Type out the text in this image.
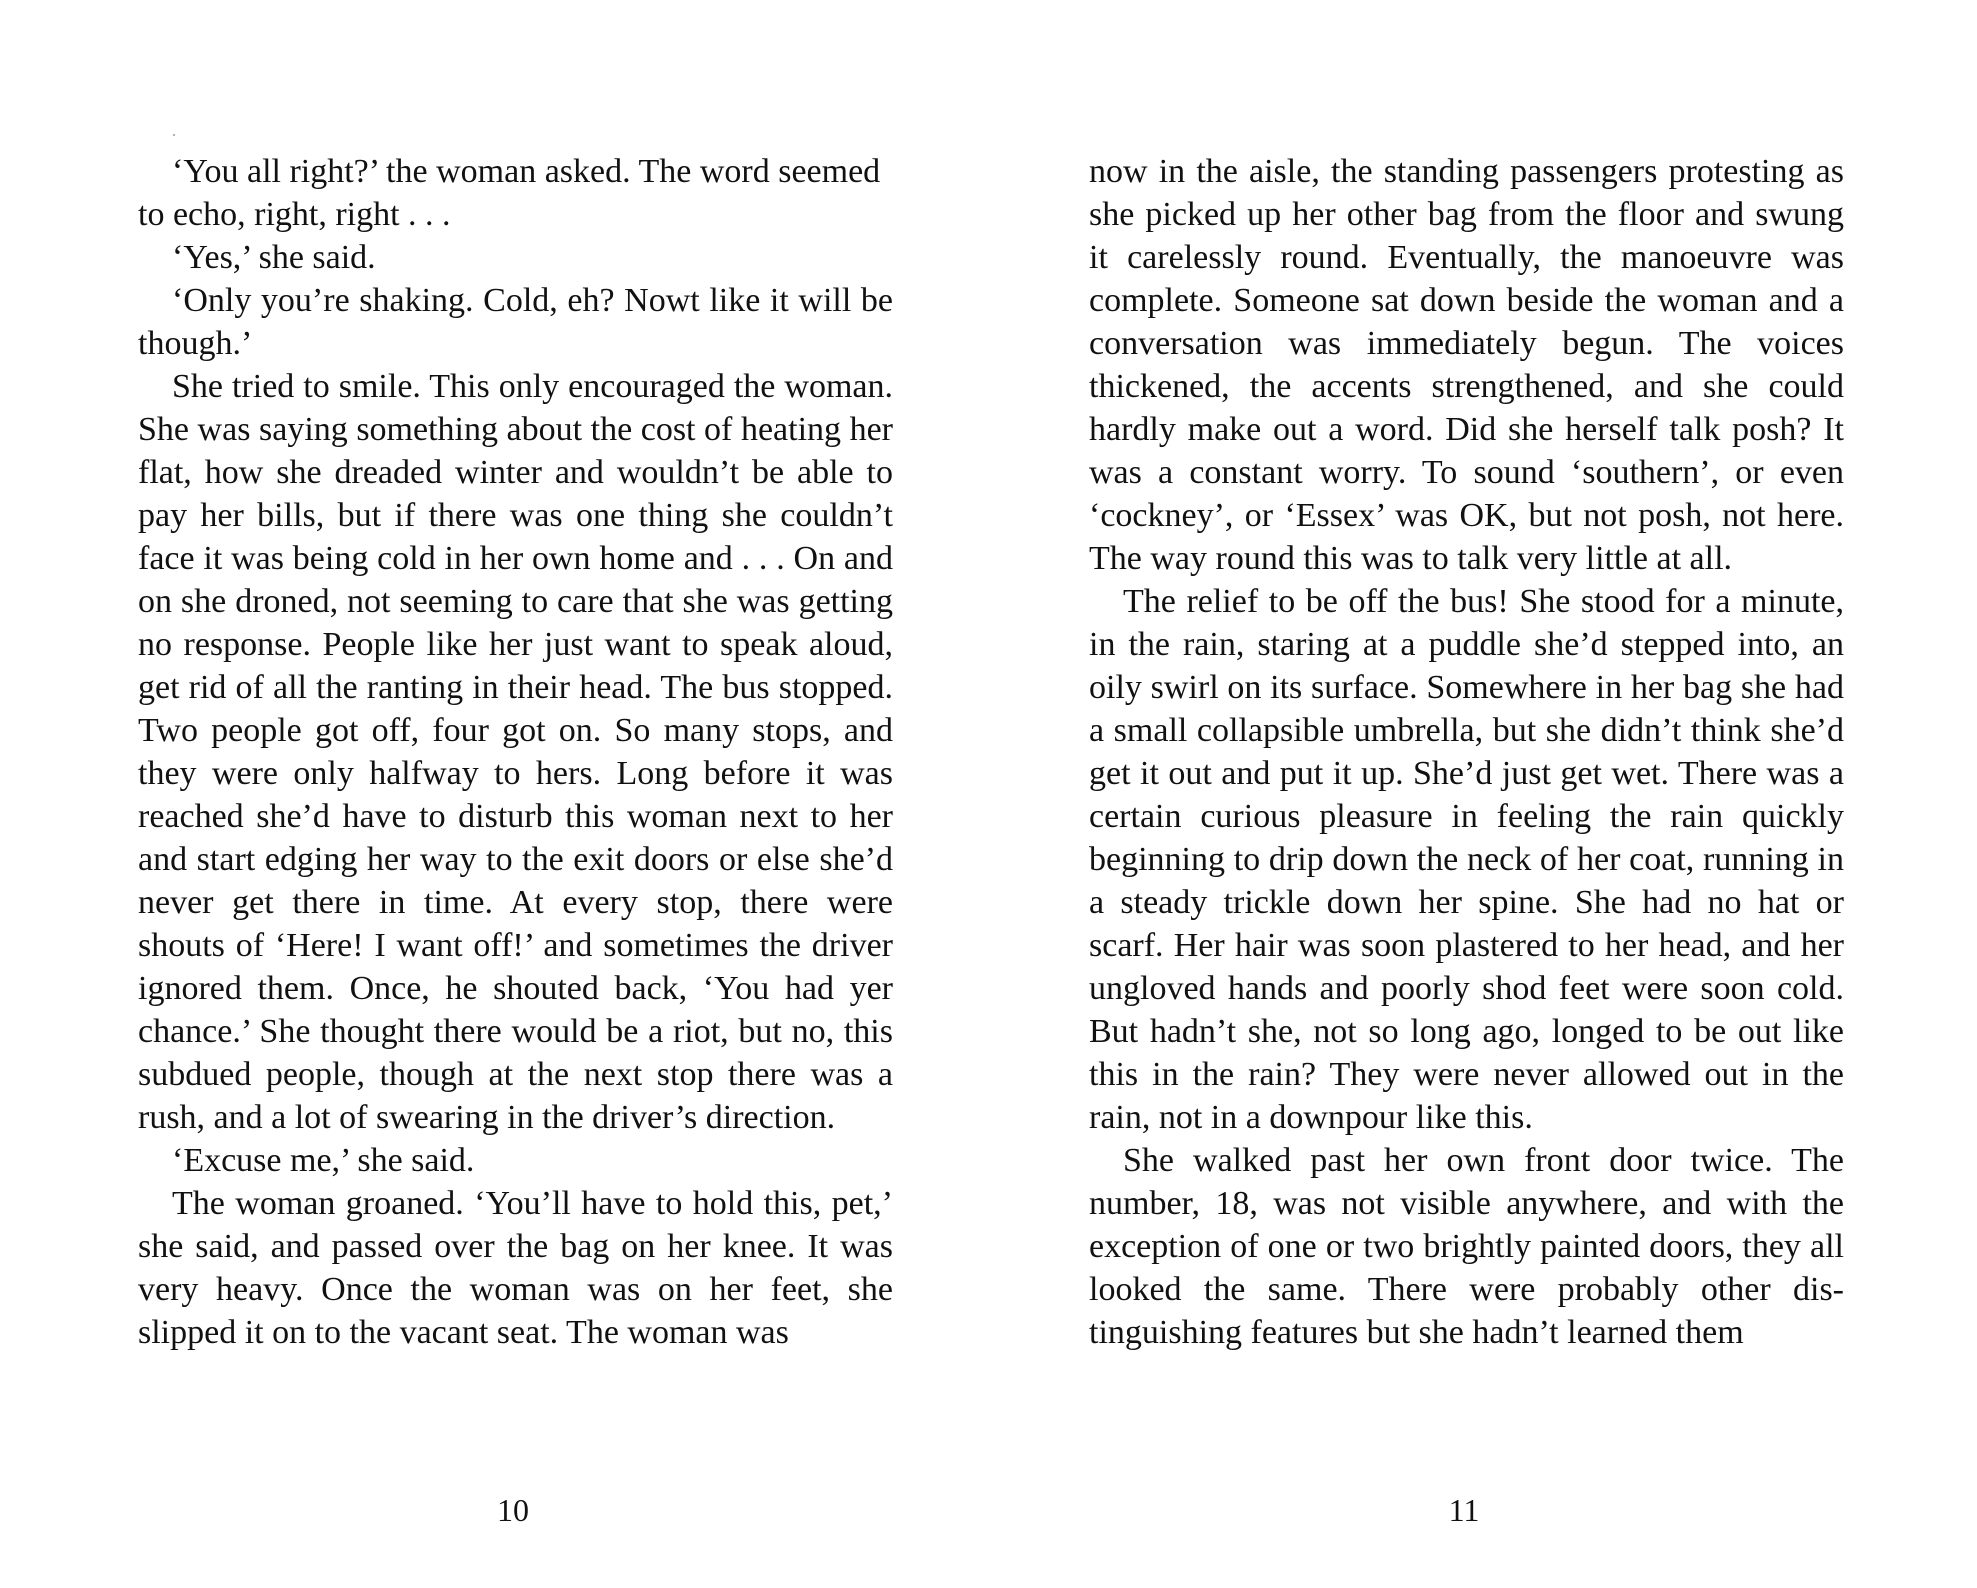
‘You all right?’ the woman asked. The word seemed to echo, right, right . . .

‘Yes,’ she said.

‘Only you’re shaking. Cold, eh? Nowt like it will be though.’

She tried to smile. This only encouraged the woman. She was saying something about the cost of heating her flat, how she dreaded winter and wouldn’t be able to pay her bills, but if there was one thing she couldn’t face it was being cold in her own home and . . . On and on she droned, not seeming to care that she was getting no response. People like her just want to speak aloud, get rid of all the ranting in their head. The bus stopped. Two people got off, four got on. So many stops, and they were only halfway to hers. Long before it was reached she’d have to disturb this woman next to her and start edging her way to the exit doors or else she’d never get there in time. At every stop, there were shouts of ‘Here! I want off!’ and sometimes the driver ignored them. Once, he shouted back, ‘You had yer chance.’ She thought there would be a riot, but no, this subdued people, though at the next stop there was a rush, and a lot of swearing in the driver’s direction.

‘Excuse me,’ she said.

The woman groaned. ‘You’ll have to hold this, pet,’ she said, and passed over the bag on her knee. It was very heavy. Once the woman was on her feet, she slipped it on to the vacant seat. The woman was

10

now in the aisle, the standing passengers protesting as she picked up her other bag from the floor and swung it carelessly round. Eventually, the manoeuvre was complete. Someone sat down beside the woman and a conversation was immediately begun. The voices thickened, the accents strengthened, and she could hardly make out a word. Did she herself talk posh? It was a constant worry. To sound ‘southern’, or even ‘cockney’, or ‘Essex’ was OK, but not posh, not here. The way round this was to talk very little at all.

The relief to be off the bus! She stood for a minute, in the rain, staring at a puddle she’d stepped into, an oily swirl on its surface. Somewhere in her bag she had a small collapsible umbrella, but she didn’t think she’d get it out and put it up. She’d just get wet. There was a certain curious pleasure in feeling the rain quickly beginning to drip down the neck of her coat, running in a steady trickle down her spine. She had no hat or scarf. Her hair was soon plastered to her head, and her ungloved hands and poorly shod feet were soon cold. But hadn’t she, not so long ago, longed to be out like this in the rain? They were never allowed out in the rain, not in a downpour like this.

She walked past her own front door twice. The number, 18, was not visible anywhere, and with the exception of one or two brightly painted doors, they all looked the same. There were probably other distinguishing features but she hadn’t learned them

11
